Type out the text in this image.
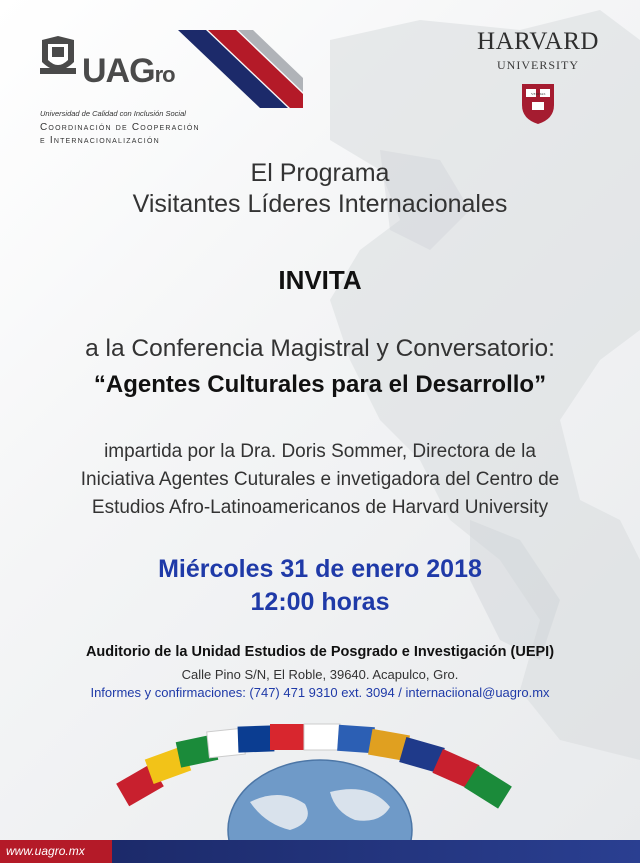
UAGro
Universidad de Calidad con Inclusión Social
Coordinación de Cooperación
e Internacionalización
HARVARD
UNIVERSITY
VERITAS
El Programa
Visitantes Líderes Internacionales
INVITA
a la Conferencia Magistral y Conversatorio:
“Agentes Culturales para el Desarrollo”
impartida por la Dra. Doris Sommer, Directora de la
Iniciativa Agentes Cuturales e invetigadora del Centro de
Estudios Afro-Latinoamericanos de Harvard University
Miércoles 31 de enero 2018
12:00 horas
Auditorio de la Unidad Estudios de Posgrado e Investigación (UEPI)
Calle Pino S/N, El Roble, 39640. Acapulco, Gro.
Informes y confirmaciones: (747) 471 9310 ext. 3094 / internaciional@uagro.mx
www.uagro.mx
